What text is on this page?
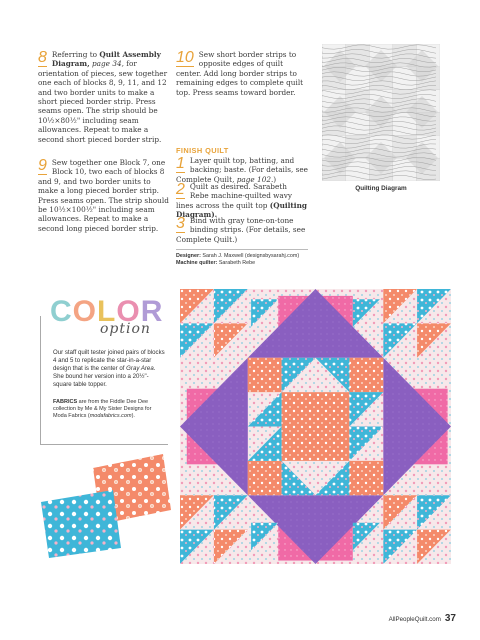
8 Referring to Quilt Assembly Diagram, page 34, for orientation of pieces, sew together one each of blocks 8, 9, 11, and 12 and two border units to make a short pieced border strip. Press seams open. The strip should be 10½×80½" including seam allowances. Repeat to make a second short pieced border strip.
9 Sew together one Block 7, one Block 10, two each of blocks 8 and 9, and two border units to make a long pieced border strip. Press seams open. The strip should be 10½×100½" including seam allowances. Repeat to make a second long pieced border strip.
10 Sew short border strips to opposite edges of quilt center. Add long border strips to remaining edges to complete quilt top. Press seams toward border.
FINISH QUILT
1 Layer quilt top, batting, and backing; baste. (For details, see Complete Quilt, page 102.)
2 Quilt as desired. Sarabeth Rebe machine-quilted wavy lines across the quilt top (Quilting Diagram).
3 Bind with gray tone-on-tone binding strips. (For details, see Complete Quilt.)
Designer: Sarah J. Maxwell (designsbysarahj.com)
Machine quilter: Sarabeth Rebe
Quilting Diagram
COLOR
option
Our staff quilt tester joined pairs of blocks 4 and 5 to replicate the star-in-a-star design that is the center of Gray Area. She bound her version into a 20½"-square table topper.
FABRICS are from the Fiddle Dee Dee collection by Me & My Sister Designs for Moda Fabrics (modafabrics.com).
AllPeopleQuilt.com 37
